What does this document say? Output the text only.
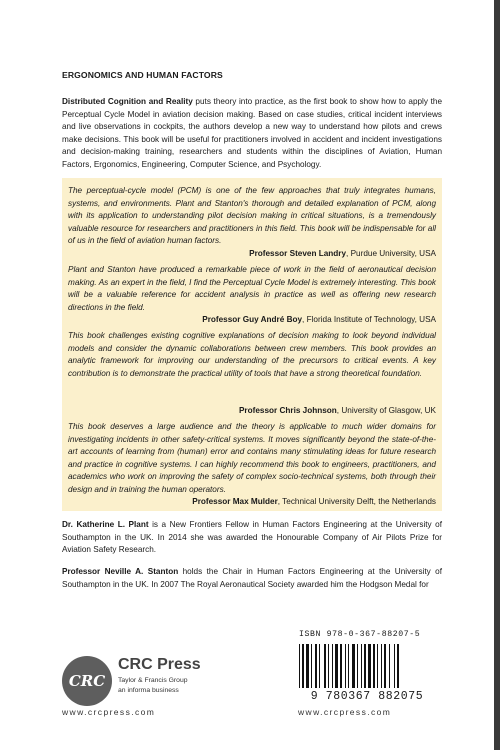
ERGONOMICS AND HUMAN FACTORS
Distributed Cognition and Reality puts theory into practice, as the first book to show how to apply the Perceptual Cycle Model in aviation decision making. Based on case studies, critical incident interviews and live observations in cockpits, the authors develop a new way to understand how pilots and crews make decisions. This book will be useful for practitioners involved in accident and incident investigations and decision-making training, researchers and students within the disciplines of Aviation, Human Factors, Ergonomics, Engineering, Computer Science, and Psychology.
The perceptual-cycle model (PCM) is one of the few approaches that truly integrates humans, systems, and environments. Plant and Stanton's thorough and detailed explanation of PCM, along with its application to understanding pilot decision making in critical situations, is a tremendously valuable resource for researchers and practitioners in this field. This book will be indispensable for all of us in the field of aviation human factors.
Professor Steven Landry, Purdue University, USA
Plant and Stanton have produced a remarkable piece of work in the field of aeronautical decision making. As an expert in the field, I find the Perceptual Cycle Model is extremely interesting. This book will be a valuable reference for accident analysis in practice as well as offering new research directions in the field.
Professor Guy André Boy, Florida Institute of Technology, USA
This book challenges existing cognitive explanations of decision making to look beyond individual models and consider the dynamic collaborations between crew members. This book provides an analytic framework for improving our understanding of the precursors to critical events. A key contribution is to demonstrate the practical utility of tools that have a strong theoretical foundation.
Professor Chris Johnson, University of Glasgow, UK
This book deserves a large audience and the theory is applicable to much wider domains for investigating incidents in other safety-critical systems. It moves significantly beyond the state-of-the-art accounts of learning from (human) error and contains many stimulating ideas for future research and practice in cognitive systems. I can highly recommend this book to engineers, practitioners, and academics who work on improving the safety of complex socio-technical systems, both through their design and in training the human operators.
Professor Max Mulder, Technical University Delft, the Netherlands
Dr. Katherine L. Plant is a New Frontiers Fellow in Human Factors Engineering at the University of Southampton in the UK. In 2014 she was awarded the Honourable Company of Air Pilots Prize for Aviation Safety Research.
Professor Neville A. Stanton holds the Chair in Human Factors Engineering at the University of Southampton in the UK. In 2007 The Royal Aeronautical Society awarded him the Hodgson Medal for
CRC
CRC Press
Taylor & Francis Group
an informa business
www.crcpress.com
ISBN 978-0-367-88207-5
9 780367 882075
www.crcpress.com
